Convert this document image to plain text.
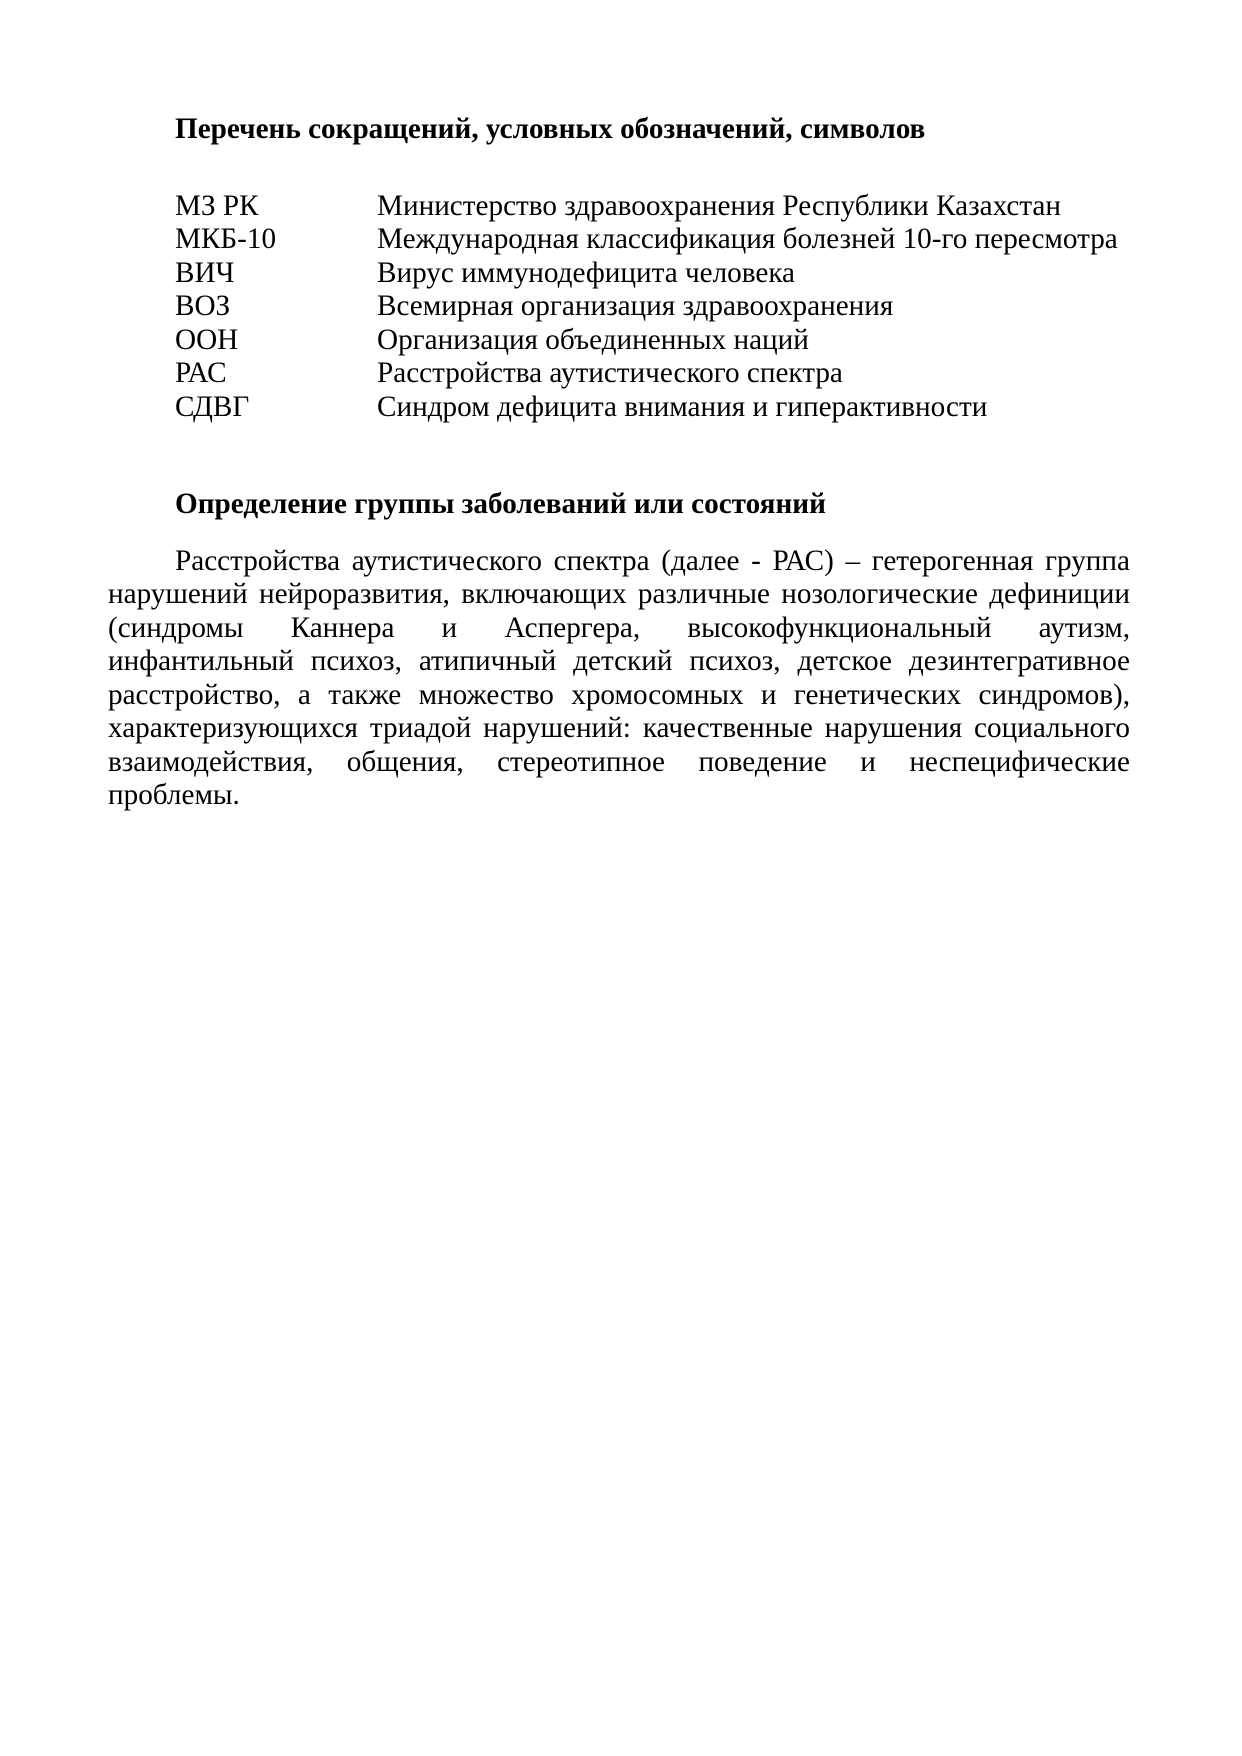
Перечень сокращений, условных обозначений, символов
МЗ РК	Министерство здравоохранения Республики Казахстан
МКБ-10	Международная классификация болезней 10-го пересмотра
ВИЧ	Вирус иммунодефицита человека
ВОЗ	Всемирная организация здравоохранения
ООН	Организация объединенных наций
РАС	Расстройства аутистического спектра
СДВГ	Синдром дефицита внимания и гиперактивности
Определение группы заболеваний или состояний
Расстройства аутистического спектра (далее - РАС) – гетерогенная группа
нарушений нейроразвития, включающих различные нозологические дефиниции
(синдромы Каннера и Аспергера, высокофункциональный аутизм,
инфантильный психоз, атипичный детский психоз, детское дезинтегративное
расстройство, а также множество хромосомных и генетических синдромов),
характеризующихся триадой нарушений: качественные нарушения социального
взаимодействия, общения, стереотипное поведение и неспецифические
проблемы.
